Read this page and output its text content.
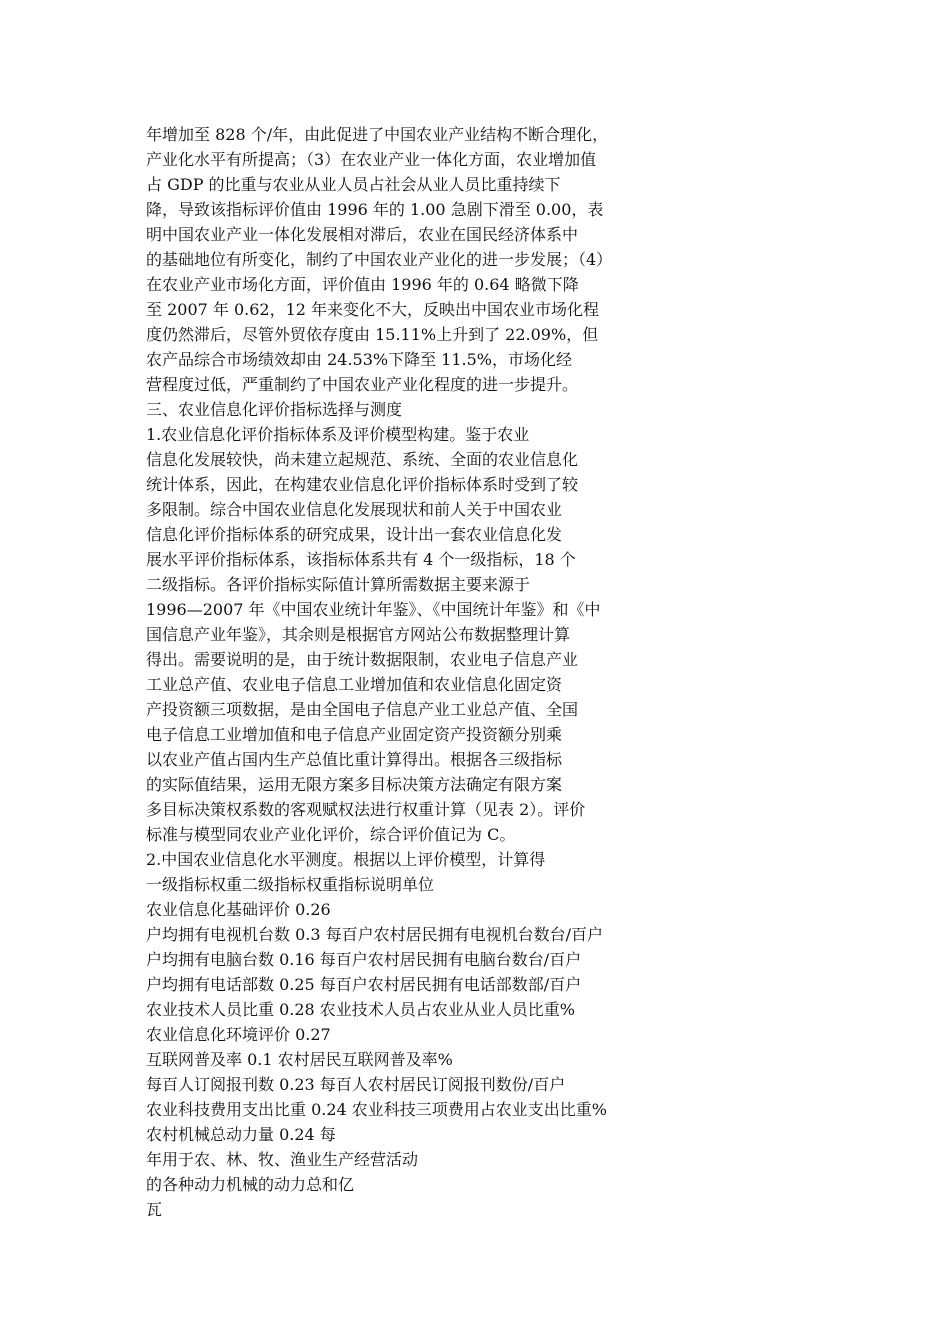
年增加至 828 个/年，由此促进了中国农业产业结构不断合理化，
产业化水平有所提高；（3）在农业产业一体化方面，农业增加值
占 GDP 的比重与农业从业人员占社会从业人员比重持续下
降，导致该指标评价值由 1996 年的 1.00 急剧下滑至 0.00，表
明中国农业产业一体化发展相对滞后，农业在国民经济体系中
的基础地位有所变化，制约了中国农业产业化的进一步发展；（4）
在农业产业市场化方面，评价值由 1996 年的 0.64 略微下降
至 2007 年 0.62，12 年来变化不大，反映出中国农业市场化程
度仍然滞后，尽管外贸依存度由 15.11%上升到了 22.09%，但
农产品综合市场绩效却由 24.53%下降至 11.5%，市场化经
营程度过低，严重制约了中国农业产业化程度的进一步提升。
三、农业信息化评价指标选择与测度
1.农业信息化评价指标体系及评价模型构建。鉴于农业
信息化发展较快，尚未建立起规范、系统、全面的农业信息化
统计体系，因此，在构建农业信息化评价指标体系时受到了较
多限制。综合中国农业信息化发展现状和前人关于中国农业
信息化评价指标体系的研究成果，设计出一套农业信息化发
展水平评价指标体系，该指标体系共有 4 个一级指标，18 个
二级指标。各评价指标实际值计算所需数据主要来源于
1996—2007 年《中国农业统计年鉴》、《中国统计年鉴》和《中
国信息产业年鉴》，其余则是根据官方网站公布数据整理计算
得出。需要说明的是，由于统计数据限制，农业电子信息产业
工业总产值、农业电子信息工业增加值和农业信息化固定资
产投资额三项数据，是由全国电子信息产业工业总产值、全国
电子信息工业增加值和电子信息产业固定资产投资额分别乘
以农业产值占国内生产总值比重计算得出。根据各三级指标
的实际值结果，运用无限方案多目标决策方法确定有限方案
多目标决策权系数的客观赋权法进行权重计算（见表 2）。评价
标准与模型同农业产业化评价，综合评价值记为 C。
2.中国农业信息化水平测度。根据以上评价模型，计算得
一级指标权重二级指标权重指标说明单位
农业信息化基础评价 0.26
户均拥有电视机台数 0.3 每百户农村居民拥有电视机台数台/百户
户均拥有电脑台数 0.16 每百户农村居民拥有电脑台数台/百户
户均拥有电话部数 0.25 每百户农村居民拥有电话部数部/百户
农业技术人员比重 0.28 农业技术人员占农业从业人员比重%
农业信息化环境评价 0.27
互联网普及率 0.1 农村居民互联网普及率%
每百人订阅报刊数 0.23 每百人农村居民订阅报刊数份/百户
农业科技费用支出比重 0.24 农业科技三项费用占农业支出比重%
农村机械总动力量 0.24 每
年用于农、林、牧、渔业生产经营活动
的各种动力机械的动力总和亿
瓦
